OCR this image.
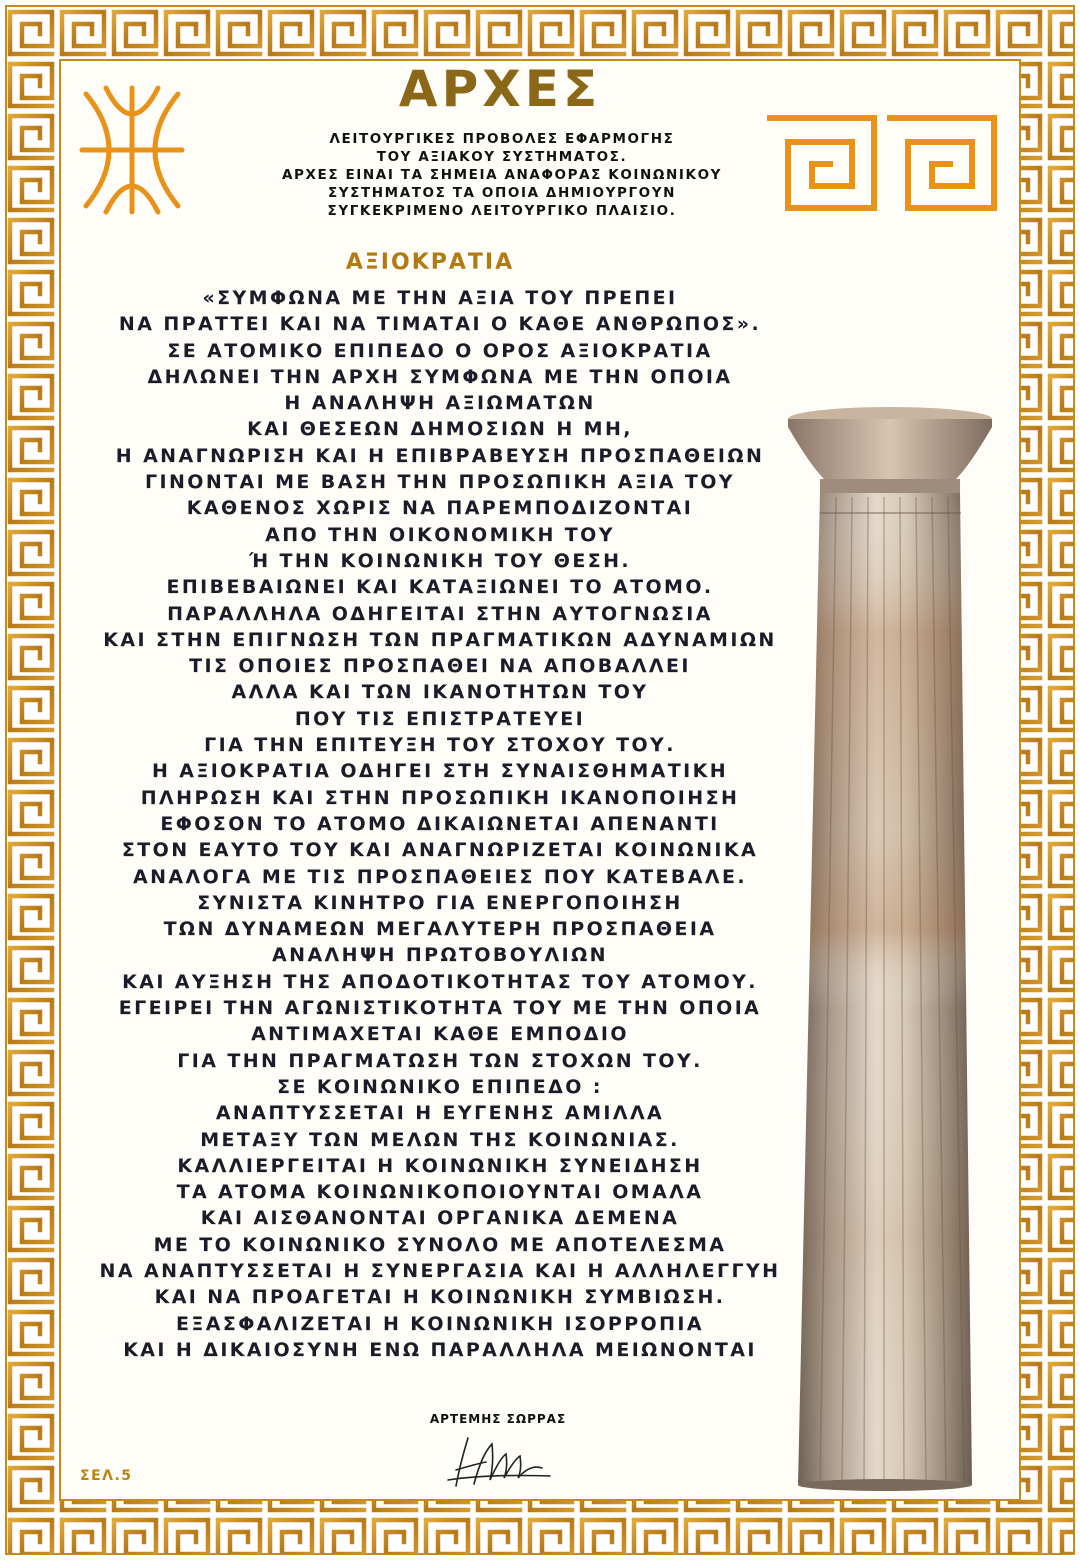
ΑΡΧΕΣ
ΛΕΙΤΟΥΡΓΙΚΕΣ ΠΡΟΒΟΛΕΣ ΕΦΑΡΜΟΓΗΣ
ΤΟΥ ΑΞΙΑΚΟΥ ΣΥΣΤΗΜΑΤΟΣ.
ΑΡΧΕΣ ΕΙΝΑΙ ΤΑ ΣΗΜΕΙΑ ΑΝΑΦΟΡΑΣ ΚΟΙΝΩΝΙΚΟΥ
ΣΥΣΤΗΜΑΤΟΣ ΤΑ ΟΠΟΙΑ ΔΗΜΙΟΥΡΓΟΥΝ
ΣΥΓΚΕΚΡΙΜΕΝΟ ΛΕΙΤΟΥΡΓΙΚΟ ΠΛΑΙΣΙΟ.
ΑΞΙΟΚΡΑΤΙΑ
«ΣΥΜΦΩΝΑ ΜΕ ΤΗΝ ΑΞΙΑ ΤΟΥ ΠΡΕΠΕΙ
ΝΑ ΠΡΑΤΤΕΙ ΚΑΙ ΝΑ ΤΙΜΑΤΑΙ Ο ΚΑΘΕ ΑΝΘΡΩΠΟΣ».
ΣΕ ΑΤΟΜΙΚΟ ΕΠΙΠΕΔΟ Ο ΟΡΟΣ ΑΞΙΟΚΡΑΤΙΑ
ΔΗΛΩΝΕΙ ΤΗΝ ΑΡΧΗ ΣΥΜΦΩΝΑ ΜΕ ΤΗΝ ΟΠΟΙΑ
Η ΑΝΑΛΗΨΗ ΑΞΙΩΜΑΤΩΝ
ΚΑΙ ΘΕΣΕΩΝ ΔΗΜΟΣΙΩΝ Η ΜΗ,
Η ΑΝΑΓΝΩΡΙΣΗ ΚΑΙ Η ΕΠΙΒΡΑΒΕΥΣΗ ΠΡΟΣΠΑΘΕΙΩΝ
ΓΙΝΟΝΤΑΙ ΜΕ ΒΑΣΗ ΤΗΝ ΠΡΟΣΩΠΙΚΗ ΑΞΙΑ ΤΟΥ
ΚΑΘΕΝΟΣ ΧΩΡΙΣ ΝΑ ΠΑΡΕΜΠΟΔΙΖΟΝΤΑΙ
ΑΠΟ ΤΗΝ ΟΙΚΟΝΟΜΙΚΗ ΤΟΥ
Ή ΤΗΝ ΚΟΙΝΩΝΙΚΗ ΤΟΥ ΘΕΣΗ.
ΕΠΙΒΕΒΑΙΩΝΕΙ ΚΑΙ ΚΑΤΑΞΙΩΝΕΙ ΤΟ ΑΤΟΜΟ.
ΠΑΡΑΛΛΗΛΑ ΟΔΗΓΕΙΤΑΙ ΣΤΗΝ ΑΥΤΟΓΝΩΣΙΑ
ΚΑΙ ΣΤΗΝ ΕΠΙΓΝΩΣΗ ΤΩΝ ΠΡΑΓΜΑΤΙΚΩΝ ΑΔΥΝΑΜΙΩΝ
ΤΙΣ ΟΠΟΙΕΣ ΠΡΟΣΠΑΘΕΙ ΝΑ ΑΠΟΒΑΛΛΕΙ
ΑΛΛΑ ΚΑΙ ΤΩΝ ΙΚΑΝΟΤΗΤΩΝ ΤΟΥ
ΠΟΥ ΤΙΣ ΕΠΙΣΤΡΑΤΕΥΕΙ
ΓΙΑ ΤΗΝ ΕΠΙΤΕΥΞΗ ΤΟΥ ΣΤΟΧΟΥ ΤΟΥ.
Η ΑΞΙΟΚΡΑΤΙΑ ΟΔΗΓΕΙ ΣΤΗ ΣΥΝΑΙΣΘΗΜΑΤΙΚΗ
ΠΛΗΡΩΣΗ ΚΑΙ ΣΤΗΝ ΠΡΟΣΩΠΙΚΗ ΙΚΑΝΟΠΟΙΗΣΗ
ΕΦΟΣΟΝ ΤΟ ΑΤΟΜΟ ΔΙΚΑΙΩΝΕΤΑΙ ΑΠΕΝΑΝΤΙ
ΣΤΟΝ ΕΑΥΤΟ ΤΟΥ ΚΑΙ ΑΝΑΓΝΩΡΙΖΕΤΑΙ ΚΟΙΝΩΝΙΚΑ
ΑΝΑΛΟΓΑ ΜΕ ΤΙΣ ΠΡΟΣΠΑΘΕΙΕΣ ΠΟΥ ΚΑΤΕΒΑΛΕ.
ΣΥΝΙΣΤΑ ΚΙΝΗΤΡΟ ΓΙΑ ΕΝΕΡΓΟΠΟΙΗΣΗ
ΤΩΝ ΔΥΝΑΜΕΩΝ ΜΕΓΑΛΥΤΕΡΗ ΠΡΟΣΠΑΘΕΙΑ
ΑΝΑΛΗΨΗ ΠΡΩΤΟΒΟΥΛΙΩΝ
ΚΑΙ ΑΥΞΗΣΗ ΤΗΣ ΑΠΟΔΟΤΙΚΟΤΗΤΑΣ ΤΟΥ ΑΤΟΜΟΥ.
ΕΓΕΙΡΕΙ ΤΗΝ ΑΓΩΝΙΣΤΙΚΟΤΗΤΑ ΤΟΥ ΜΕ ΤΗΝ ΟΠΟΙΑ
ΑΝΤΙΜΑΧΕΤΑΙ ΚΑΘΕ ΕΜΠΟΔΙΟ
ΓΙΑ ΤΗΝ ΠΡΑΓΜΑΤΩΣΗ ΤΩΝ ΣΤΟΧΩΝ ΤΟΥ.
ΣΕ ΚΟΙΝΩΝΙΚΟ ΕΠΙΠΕΔΟ :
ΑΝΑΠΤΥΣΣΕΤΑΙ Η ΕΥΓΕΝΗΣ ΑΜΙΛΛΑ
ΜΕΤΑΞΥ ΤΩΝ ΜΕΛΩΝ ΤΗΣ ΚΟΙΝΩΝΙΑΣ.
ΚΑΛΛΙΕΡΓΕΙΤΑΙ Η ΚΟΙΝΩΝΙΚΗ ΣΥΝΕΙΔΗΣΗ
ΤΑ ΑΤΟΜΑ ΚΟΙΝΩΝΙΚΟΠΟΙΟΥΝΤΑΙ ΟΜΑΛΑ
ΚΑΙ ΑΙΣΘΑΝΟΝΤΑΙ ΟΡΓΑΝΙΚΑ ΔΕΜΕΝΑ
ΜΕ ΤΟ ΚΟΙΝΩΝΙΚΟ ΣΥΝΟΛΟ ΜΕ ΑΠΟΤΕΛΕΣΜΑ
ΝΑ ΑΝΑΠΤΥΣΣΕΤΑΙ Η ΣΥΝΕΡΓΑΣΙΑ ΚΑΙ Η ΑΛΛΗΛΕΓΓΥΗ
ΚΑΙ ΝΑ ΠΡΟΑΓΕΤΑΙ Η ΚΟΙΝΩΝΙΚΗ ΣΥΜΒΙΩΣΗ.
ΕΞΑΣΦΑΛΙΖΕΤΑΙ Η ΚΟΙΝΩΝΙΚΗ ΙΣΟΡΡΟΠΙΑ
ΚΑΙ Η ΔΙΚΑΙΟΣΥΝΗ ΕΝΩ ΠΑΡΑΛΛΗΛΑ ΜΕΙΩΝΟΝΤΑΙ
ΑΡΤΕΜΗΣ ΣΩΡΡΑΣ
ΣΕΛ.5
